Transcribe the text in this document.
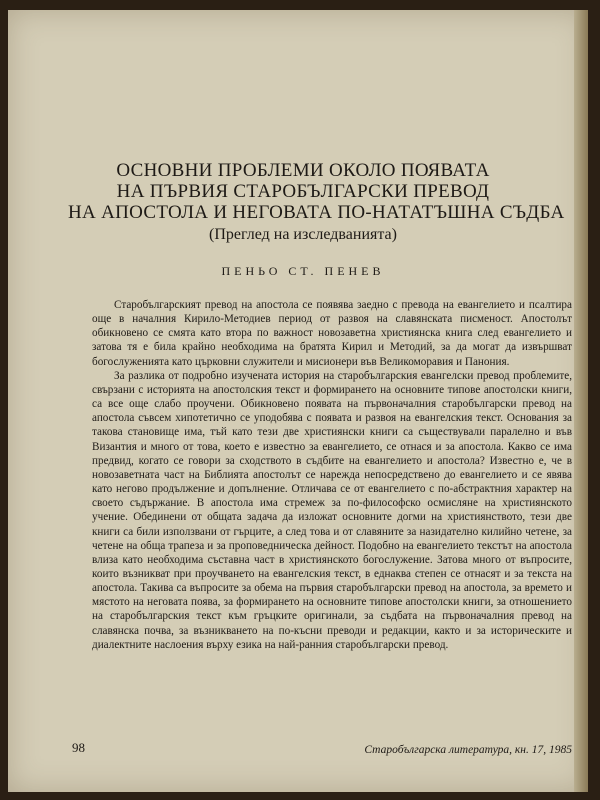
ОСНОВНИ ПРОБЛЕМИ ОКОЛО ПОЯВАТА
НА ПЪРВИЯ СТАРОБЪЛГАРСКИ ПРЕВОД
НА АПОСТОЛА И НЕГОВАТА ПО-НАТАТЪШНА СЪДБА
(Преглед на изследванията)
ПЕНЬО СТ. ПЕНЕВ

Старобългарският превод на апостола се появява заедно с превода на евангелието и псалтира още в началния Кирило-Методиев период от развоя на славянската писменост. Апостолът обикновено се смята като втора по важност новозаветна християнска книга след евангелието и затова тя е била крайно необходима на братята Кирил и Методий, за да могат да извършват богослуженията като църковни служители и мисионери във Великоморавия и Панония.

За разлика от подробно изучената история на старобългарския евангелски превод проблемите, свързани с историята на апостолския текст и формирането на основните типове апостолски книги, са все още слабо проучени. Обикновено появата на първоначалния старобългарски превод на апостола съвсем хипотетично се уподобява с появата и развоя на евангелския текст. Основания за такова становище има, тъй като тези две християнски книги са съществували паралелно и във Византия и много от това, което е известно за евангелието, се отнася и за апостола. Какво се има предвид, когато се говори за сходството в съдбите на евангелието и апостола? Известно е, че в новозаветната част на Библията апостолът се нарежда непосредствено до евангелието и се явява като негово продължение и допълнение. Отличава се от евангелието с по-абстрактния характер на своето съдържание. В апостола има стремеж за по-философско осмисляне на християнското учение. Обединени от общата задача да изложат основните догми на християнството, тези две книги са били използвани от гърците, а след това и от славяните за назидателно килийно четене, за четене на обща трапеза и за проповедническа дейност. Подобно на евангелието текстът на апостола влиза като необходима съставна част в християнското богослужение. Затова много от въпросите, които възникват при проучването на евангелския текст, в еднаква степен се отнасят и за текста на апостола. Такива са въпросите за обема на първия старобългарски превод на апостола, за времето и мястото на неговата поява, за формирането на основните типове апостолски книги, за отношението на старобългарския текст към гръцките оригинали, за съдбата на първоначалния превод на славянска почва, за възникването на по-късни преводи и редакции, както и за историческите и диалектните наслоения върху езика на най-ранния старобългарски превод.

98	Старобългарска литература, кн. 17, 1985
